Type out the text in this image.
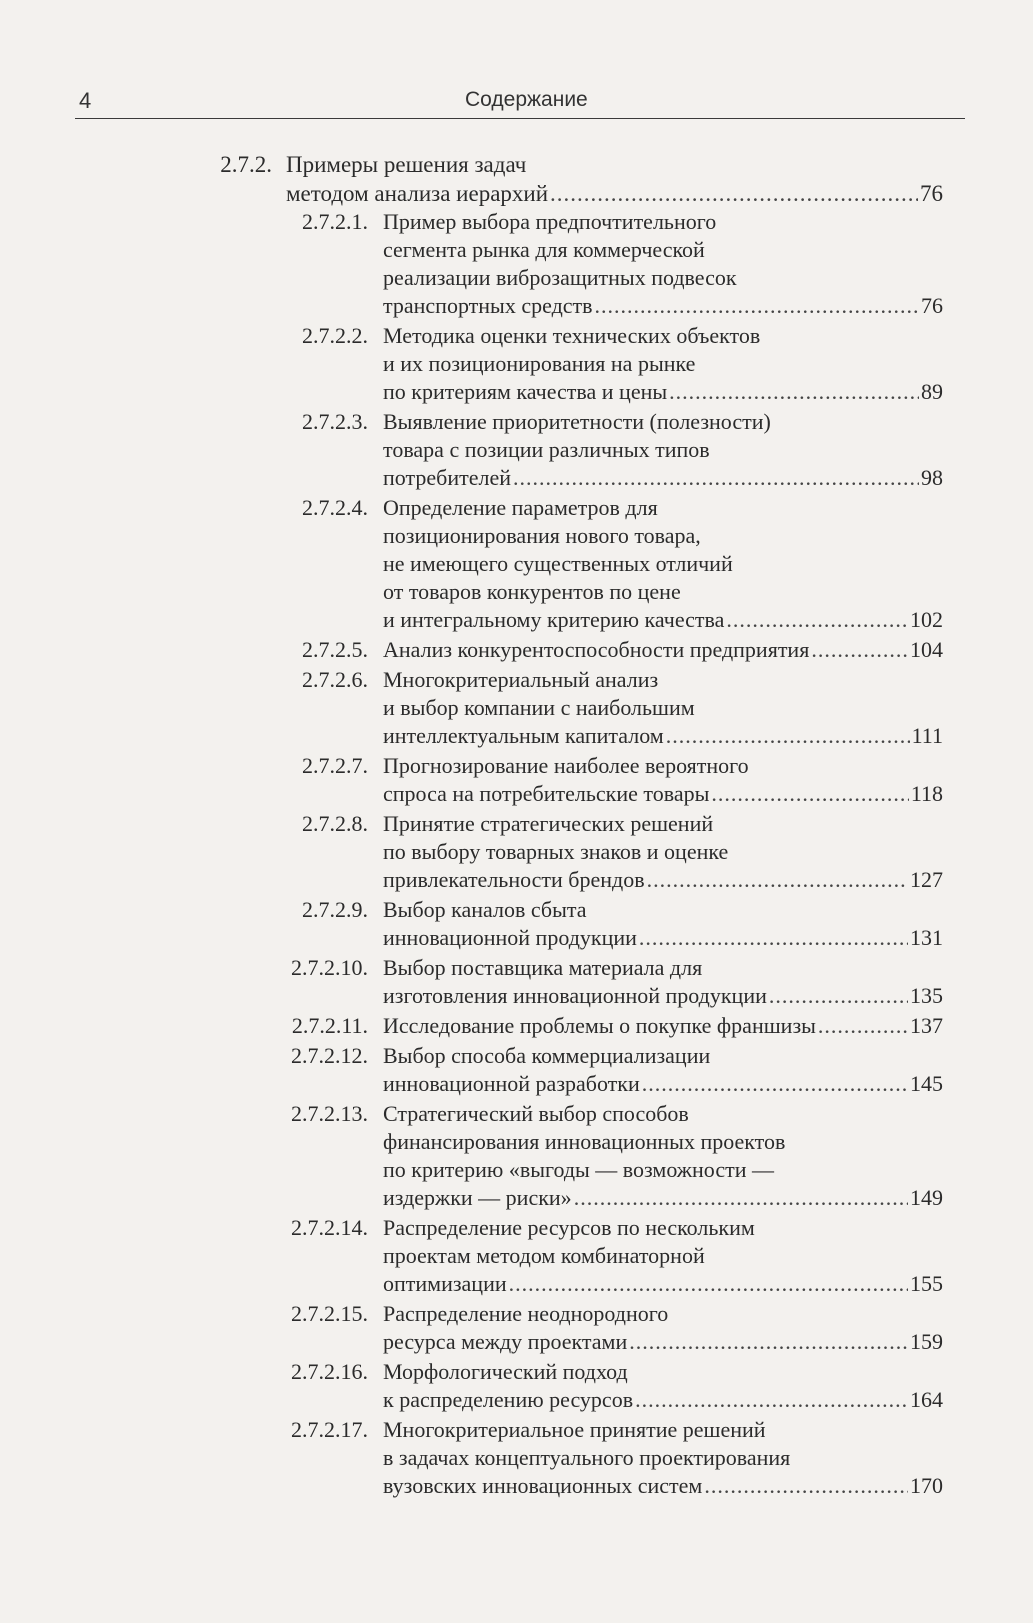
4	Содержание
2.7.2. Примеры решения задач
методом анализа иерархий .....	76
2.7.2.1. Пример выбора предпочтительного
сегмента рынка для коммерческой
реализации виброзащитных подвесок
транспортных средств .....	76
2.7.2.2. Методика оценки технических объектов
и их позиционирования на рынке
по критериям качества и цены .....	89
2.7.2.3. Выявление приоритетности (полезности)
товара с позиции различных типов
потребителей .....	98
2.7.2.4. Определение параметров для
позиционирования нового товара,
не имеющего существенных отличий
от товаров конкурентов по цене
и интегральному критерию качества .....	102
2.7.2.5. Анализ конкурентоспособности предприятия .....	104
2.7.2.6. Многокритериальный анализ
и выбор компании с наибольшим
интеллектуальным капиталом .....	111
2.7.2.7. Прогнозирование наиболее вероятного
спроса на потребительские товары .....	118
2.7.2.8. Принятие стратегических решений
по выбору товарных знаков и оценке
привлекательности брендов .....	127
2.7.2.9. Выбор каналов сбыта
инновационной продукции .....	131
2.7.2.10. Выбор поставщика материала для
изготовления инновационной продукции .....	135
2.7.2.11. Исследование проблемы о покупке франшизы .....	137
2.7.2.12. Выбор способа коммерциализации
инновационной разработки .....	145
2.7.2.13. Стратегический выбор способов
финансирования инновационных проектов
по критерию «выгоды — возможности —
издержки — риски» .....	149
2.7.2.14. Распределение ресурсов по нескольким
проектам методом комбинаторной
оптимизации .....	155
2.7.2.15. Распределение неоднородного
ресурса между проектами .....	159
2.7.2.16. Морфологический подход
к распределению ресурсов .....	164
2.7.2.17. Многокритериальное принятие решений
в задачах концептуального проектирования
вузовских инновационных систем .....	170
